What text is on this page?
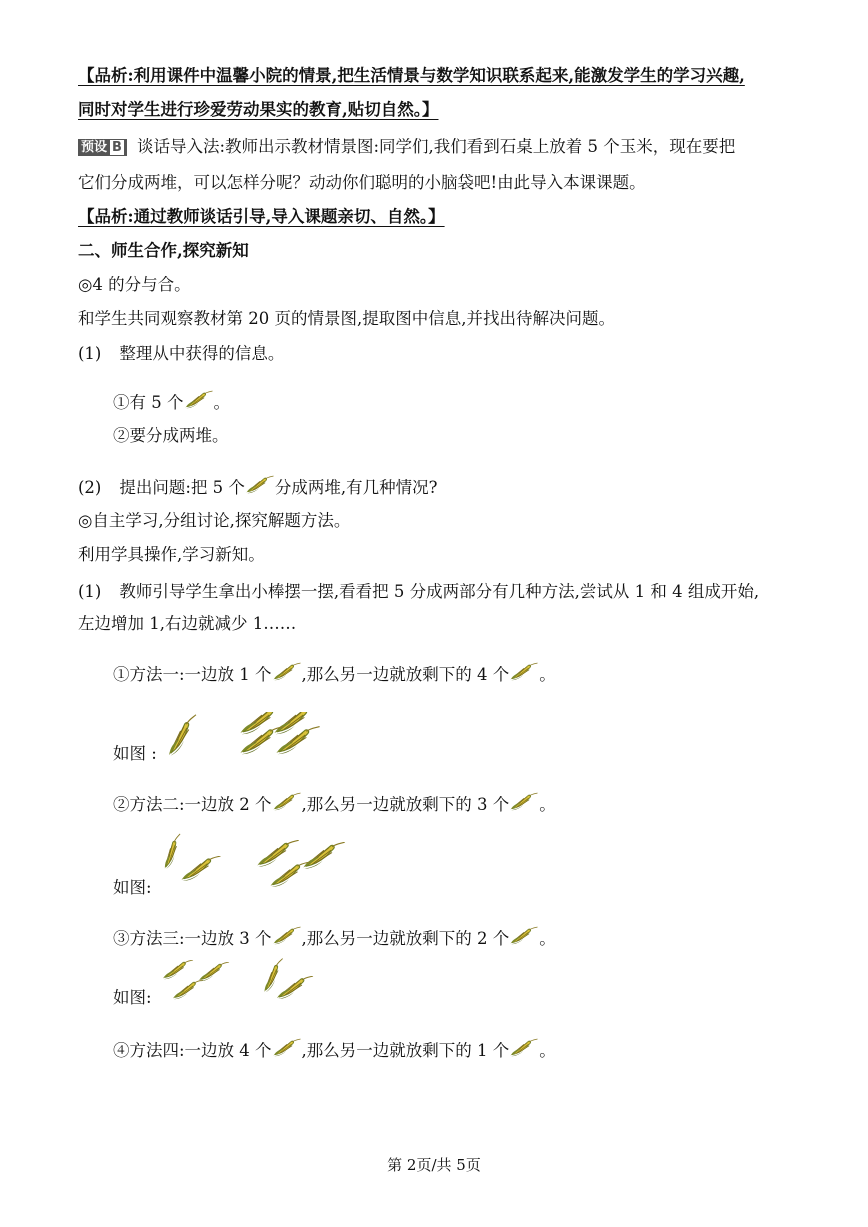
【品析:利用课件中温馨小院的情景,把生活情景与数学知识联系起来,能激发学生的学习兴趣,
同时对学生进行珍爱劳动果实的教育,贴切自然。】
预设 B 谈话导入法:教师出示教材情景图:同学们,我们看到石桌上放着 5 个玉米，现在要把
它们分成两堆，可以怎样分呢？动动你们聪明的小脑袋吧!由此导入本课课题。
【品析:通过教师谈话引导,导入课题亲切、自然。】
二、师生合作,探究新知
◎4 的分与合。
和学生共同观察教材第 20 页的情景图,提取图中信息,并找出待解决问题。
(1) 整理从中获得的信息。
①有 5 个 。
②要分成两堆。
(2) 提出问题:把 5 个 分成两堆,有几种情况?
◎自主学习,分组讨论,探究解题方法。
利用学具操作,学习新知。
(1) 教师引导学生拿出小棒摆一摆,看看把 5 分成两部分有几种方法,尝试从 1 和 4 组成开始,
左边增加 1,右边就减少 1……
①方法一:一边放 1 个 ,那么另一边就放剩下的 4 个 。
如图 :
②方法二:一边放 2 个 ,那么另一边就放剩下的 3 个 。
如图:
③方法三:一边放 3 个 ,那么另一边就放剩下的 2 个 。
如图:
④方法四:一边放 4 个 ,那么另一边就放剩下的 1 个 。
第 2页/共 5页
